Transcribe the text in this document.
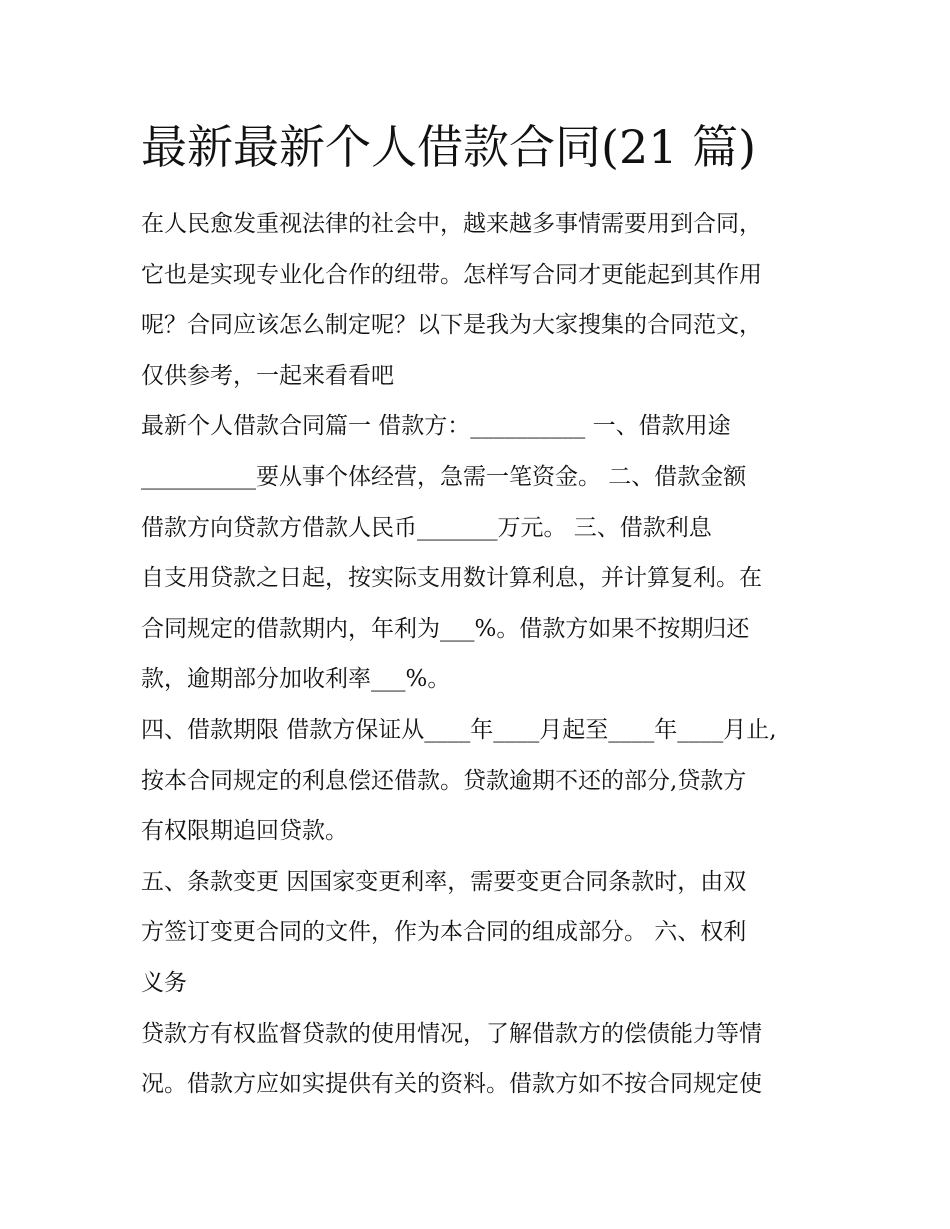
最新最新个人借款合同(21 篇)
在人民愈发重视法律的社会中，越来越多事情需要用到合同，
它也是实现专业化合作的纽带。怎样写合同才更能起到其作用
呢？合同应该怎么制定呢？以下是我为大家搜集的合同范文，
仅供参考，一起来看看吧
最新个人借款合同篇一 借款方：__________ 一、借款用途
__________要从事个体经营，急需一笔资金。 二、借款金额
借款方向贷款方借款人民币_______万元。 三、借款利息
自支用贷款之日起，按实际支用数计算利息，并计算复利。在
合同规定的借款期内，年利为___%。借款方如果不按期归还
款，逾期部分加收利率___%。
四、借款期限 借款方保证从____年____月起至____年____月止,
按本合同规定的利息偿还借款。贷款逾期不还的部分,贷款方
有权限期追回贷款。
五、条款变更 因国家变更利率，需要变更合同条款时，由双
方签订变更合同的文件，作为本合同的组成部分。 六、权利
义务
贷款方有权监督贷款的使用情况，了解借款方的偿债能力等情
况。借款方应如实提供有关的资料。借款方如不按合同规定使
